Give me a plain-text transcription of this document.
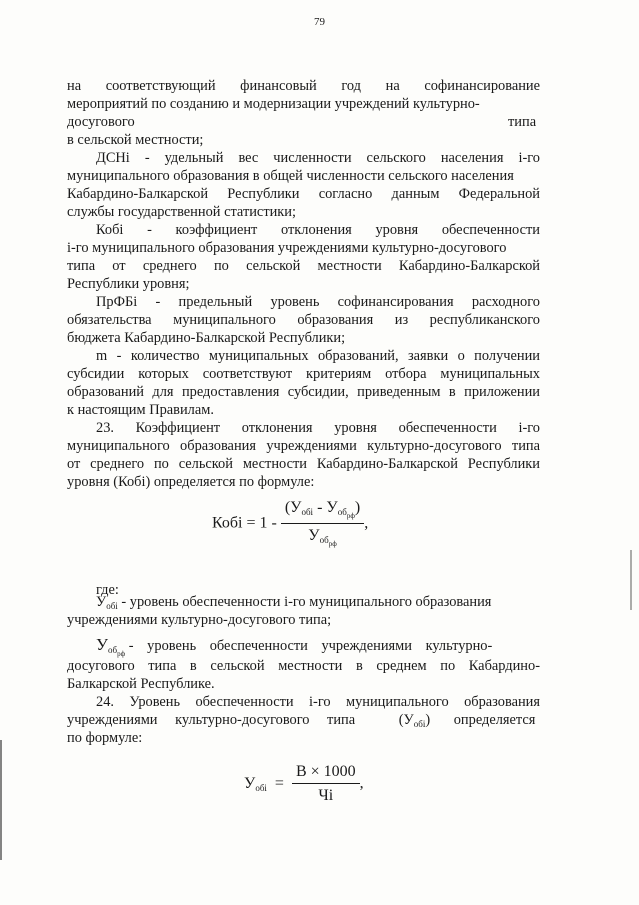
79
на соответствующий финансовый год на софинансирование
мероприятий по созданию и модернизации учреждений культурно-
досугового	типа
в сельской местности;
ДСНi - удельный вес численности сельского населения i-го
муниципального образования в общей численности сельского населения
Кабардино-Балкарской Республики согласно данным Федеральной
службы государственной статистики;
Кобi - коэффициент отклонения уровня обеспеченности
i-го муниципального образования учреждениями культурно-досугового
типа от среднего по сельской местности Кабардино-Балкарской
Республики уровня;
ПрФБi - предельный уровень софинансирования расходного
обязательства муниципального образования из республиканского
бюджета Кабардино-Балкарской Республики;
m - количество муниципальных образований, заявки о получении
субсидии которых соответствуют критериям отбора муниципальных
образований для предоставления субсидии, приведенным в приложении
к настоящим Правилам.
23. Коэффициент отклонения уровня обеспеченности i-го
муниципального образования учреждениями культурно-досугового типа
от среднего по сельской местности Кабардино-Балкарской Республики
уровня (Кобi) определяется по формуле:
Кобi = $1 - \frac{(У_{обi} - У_{об_{рф}})}{У_{об_{рф}}}$ ,
где:
$У_{обi}$ - уровень обеспеченности i-го муниципального образования
учреждениями культурно-досугового типа;
$У_{об_{рф}}$ - уровень обеспеченности учреждениями культурно-
досугового типа в сельской местности в среднем по Кабардино-
Балкарской Республике.
24. Уровень обеспеченности i-го муниципального образования
учреждениями культурно-досугового типа	$(У_{обi})$ определяется
по формуле:
$У_{обi} = \frac{В \times 1000}{Чi}$ ,
